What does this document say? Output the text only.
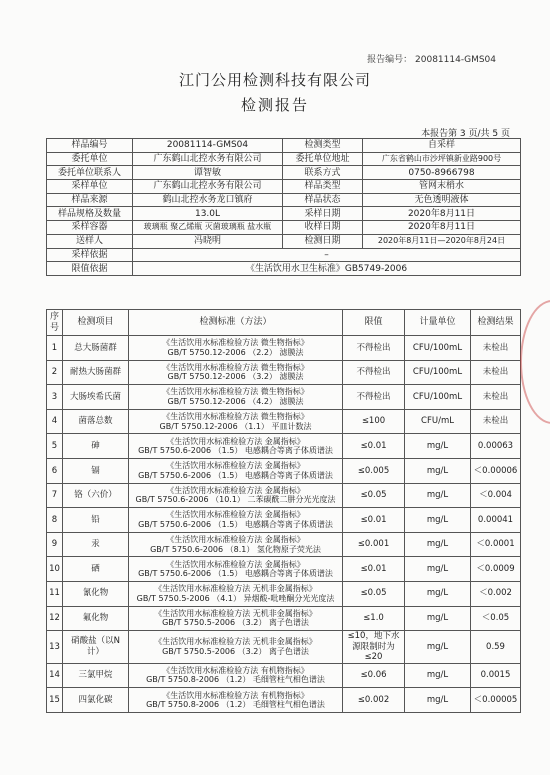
报告编号： 20081114-GMS04
江门公用检测科技有限公司
检测报告
本报告第 3 页/共 5 页
样品编号	20081114-GMS04	检测类型	自采样
委托单位	广东鹤山北控水务有限公司	委托单位地址	广东省鹤山市沙坪镇新业路900号
委托单位联系人	谭智敏	联系方式	0750-8966798
采样单位	广东鹤山北控水务有限公司	样品类型	管网末梢水
样品来源	鹤山北控水务龙口镇府	样品状态	无色透明液体
样品规格及数量	13.0L	采样日期	2020年8月11日
采样容器	玻璃瓶 聚乙烯瓶 灭菌玻璃瓶 盐水瓶	收样日期	2020年8月11日
送样人	冯晓明	检测日期	2020年8月11日—2020年8月24日
采样依据	–		
限值依据	《生活饮用水卫生标准》GB5749-2006		
序号	检测项目	检测标准（方法）	限值	计量单位	检测结果
1	总大肠菌群	《生活饮用水标准检验方法 微生物指标》
GB/T 5750.12-2006 （2.2） 滤膜法	不得检出	CFU/100mL	未检出
2	耐热大肠菌群	《生活饮用水标准检验方法 微生物指标》
GB/T 5750.12-2006 （3.2） 滤膜法	不得检出	CFU/100mL	未检出
3	大肠埃希氏菌	《生活饮用水标准检验方法 微生物指标》
GB/T 5750.12-2006 （4.2） 滤膜法	不得检出	CFU/100mL	未检出
4	菌落总数	《生活饮用水标准检验方法 微生物指标》
GB/T 5750.12-2006 （1.1） 平皿计数法	≤100	CFU/mL	未检出
5	砷	《生活饮用水标准检验方法 金属指标》
GB/T 5750.6-2006 （1.5） 电感耦合等离子体质谱法	≤0.01	mg/L	0.00063
6	镉	《生活饮用水标准检验方法 金属指标》
GB/T 5750.6-2006 （1.5） 电感耦合等离子体质谱法	≤0.005	mg/L	＜0.00006
7	铬（六价）	《生活饮用水标准检验方法 金属指标》
GB/T 5750.6-2006 （10.1） 二苯碳酰二肼分光光度法	≤0.05	mg/L	＜0.004
8	铅	《生活饮用水标准检验方法 金属指标》
GB/T 5750.6-2006 （1.5） 电感耦合等离子体质谱法	≤0.01	mg/L	0.00041
9	汞	《生活饮用水标准检验方法 金属指标》
GB/T 5750.6-2006 （8.1） 氢化物原子荧光法	≤0.001	mg/L	＜0.0001
10	硒	《生活饮用水标准检验方法 金属指标》
GB/T 5750.6-2006 （1.5） 电感耦合等离子体质谱法	≤0.01	mg/L	＜0.0009
11	氰化物	《生活饮用水标准检验方法 无机非金属指标》
GB/T 5750.5-2006 （4.1） 异烟酸-吡唑酮分光光度法	≤0.05	mg/L	＜0.002
12	氟化物	《生活饮用水标准检验方法 无机非金属指标》
GB/T 5750.5-2006 （3.2） 离子色谱法	≤1.0	mg/L	＜0.05
13	硝酸盐（以N计）	《生活饮用水标准检验方法 无机非金属指标》
GB/T 5750.5-2006 （3.2） 离子色谱法	≤10，地下水源限制时为≤20	mg/L	0.59
14	三氯甲烷	《生活饮用水标准检验方法 有机物指标》
GB/T 5750.8-2006 （1.2） 毛细管柱气相色谱法	≤0.06	mg/L	0.0015
15	四氯化碳	《生活饮用水标准检验方法 有机物指标》
GB/T 5750.8-2006 （1.2） 毛细管柱气相色谱法	≤0.002	mg/L	＜0.00005
